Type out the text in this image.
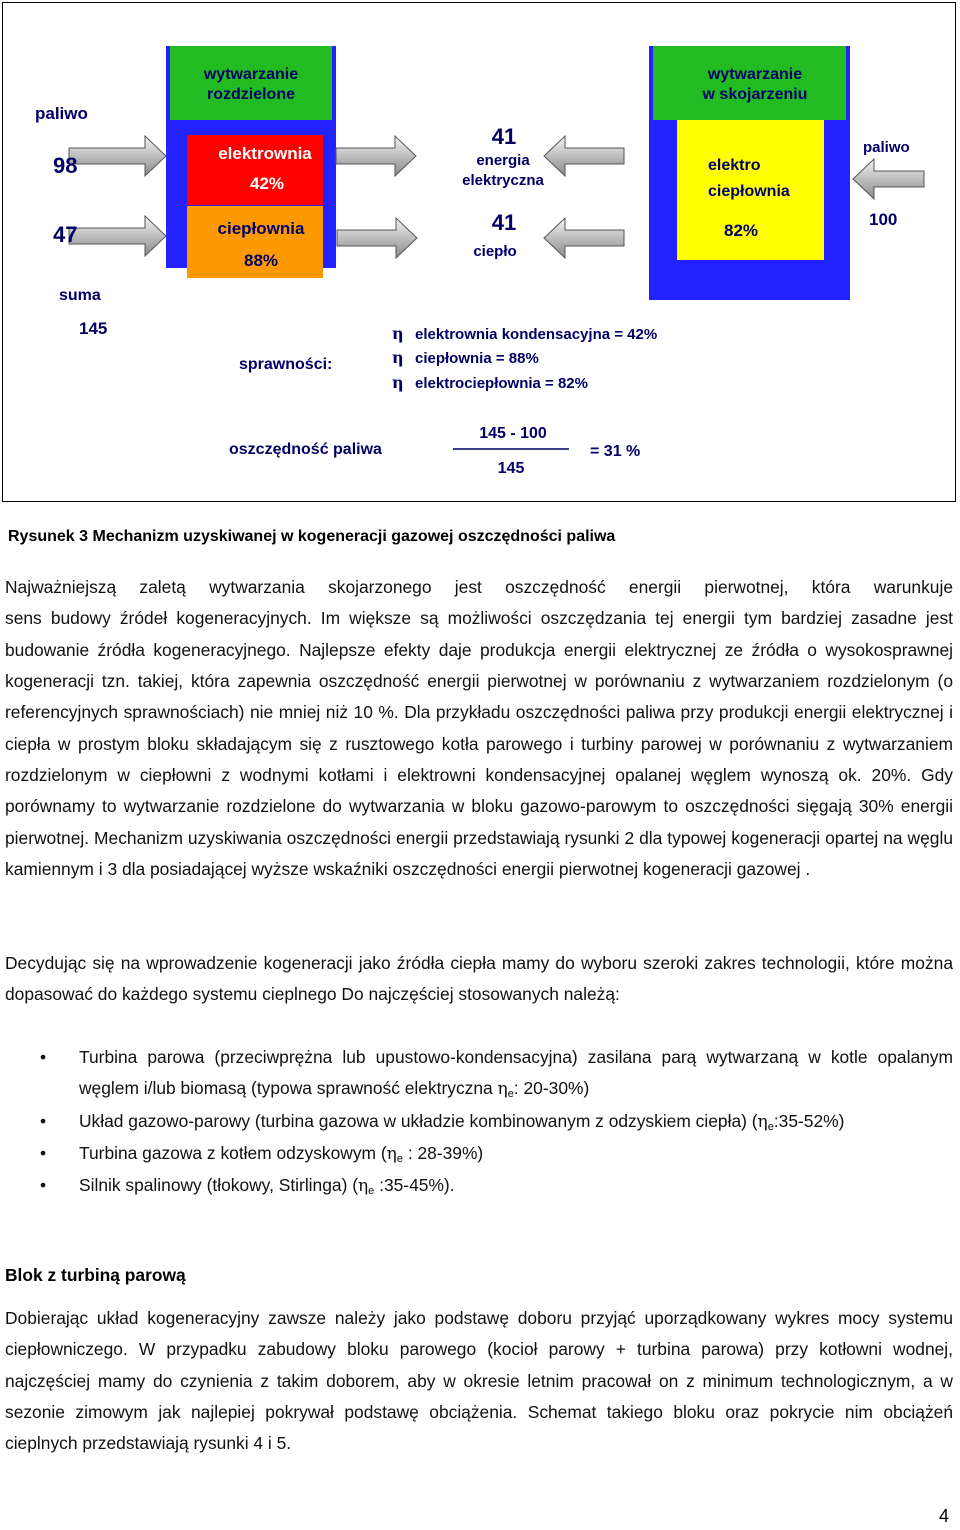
wytwarzanie
rozdzielone
elektrownia
42%
ciepłownia
88%
paliwo
98
47
suma
145
41
energia
elektryczna
41
ciepło
wytwarzanie
w skojarzeniu
elektro
ciepłownia
82%
paliwo
100
sprawności:
η elektrownia kondensacyjna = 42%
η ciepłownia = 88%
η elektrociepłownia = 82%
oszczędność paliwa
145 - 100
145
= 31 %
Rysunek 3 Mechanizm uzyskiwanej w kogeneracji gazowej oszczędności paliwa

Najważniejszą zaletą wytwarzania skojarzonego jest oszczędność energii pierwotnej, która warunkuje

sens budowy źródeł kogeneracyjnych. Im większe są możliwości oszczędzania tej energii tym bardziej zasadne jest budowanie źródła kogeneracyjnego. Najlepsze efekty daje produkcja energii elektrycznej ze źródła o wysokosprawnej kogeneracji tzn. takiej, która zapewnia oszczędność energii pierwotnej w porównaniu z wytwarzaniem rozdzielonym (o referencyjnych sprawnościach) nie mniej niż 10 %. Dla przykładu oszczędności paliwa przy produkcji energii elektrycznej i ciepła w prostym bloku składającym się z rusztowego kotła parowego i turbiny parowej w porównaniu z wytwarzaniem rozdzielonym w ciepłowni z wodnymi kotłami i elektrowni kondensacyjnej opalanej węglem wynoszą ok. 20%. Gdy porównamy to wytwarzanie rozdzielone do wytwarzania w bloku gazowo-parowym to oszczędności sięgają 30% energii pierwotnej. Mechanizm uzyskiwania oszczędności energii przedstawiają rysunki 2 dla typowej kogeneracji opartej na węglu kamiennym i 3 dla posiadającej wyższe wskaźniki oszczędności energii pierwotnej kogeneracji gazowej .

Decydując się na wprowadzenie kogeneracji jako źródła ciepła mamy do wyboru szeroki zakres technologii, które można dopasować do każdego systemu cieplnego Do najczęściej stosowanych należą:

• Turbina parowa (przeciwprężna lub upustowo-kondensacyjna) zasilana parą wytwarzaną w kotle opalanym węglem i/lub biomasą (typowa sprawność elektryczna $\eta_e$: 20-30%)
• Układ gazowo-parowy (turbina gazowa w układzie kombinowanym z odzyskiem ciepła) $(\eta_e:35-52\%)$
• Turbina gazowa z kotłem odzyskowym ($\eta_e$ : 28-39%)
• Silnik spalinowy (tłokowy, Stirlinga) ($\eta_e$ :35-45%).
Blok z turbiną parową

Dobierając układ kogeneracyjny zawsze należy jako podstawę doboru przyjąć uporządkowany wykres mocy systemu ciepłowniczego. W przypadku zabudowy bloku parowego (kocioł parowy + turbina parowa) przy kotłowni wodnej, najczęściej mamy do czynienia z takim doborem, aby w okresie letnim pracował on z minimum technologicznym, a w sezonie zimowym jak najlepiej pokrywał podstawę obciążenia. Schemat takiego bloku oraz pokrycie nim obciążeń cieplnych przedstawiają rysunki 4 i 5.

4
